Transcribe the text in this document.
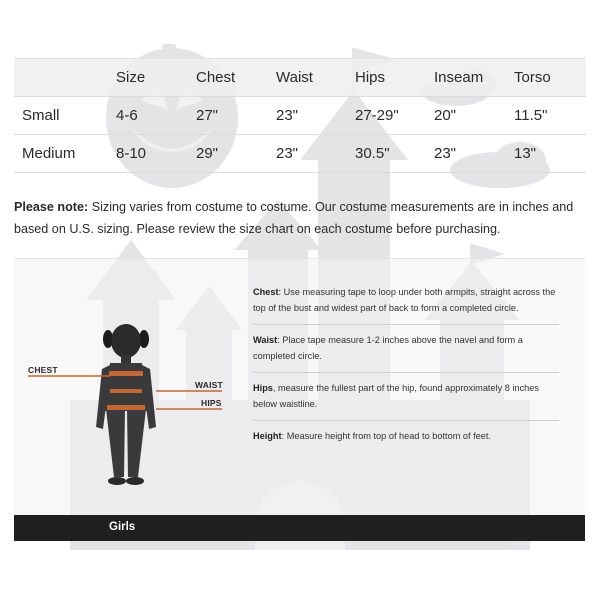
	Size	Chest	Waist	Hips	Inseam	Torso
Small	4-6	27"	23"	27-29"	20"	11.5"
Medium	8-10	29"	23"	30.5"	23"	13"
Please note: Sizing varies from costume to costume. Our costume measurements are in inches and based on U.S. sizing. Please review the size chart on each costume before purchasing.
CHEST
WAIST
HIPS
Chest: Use measuring tape to loop under both armpits, straight across the top of the bust and widest part of back to form a completed circle.
Waist: Place tape measure 1-2 inches above the navel and form a completed circle.
Hips, measure the fullest part of the hip, found approximately 8 inches below waistline.
Height: Measure height from top of head to bottom of feet.
Girls
